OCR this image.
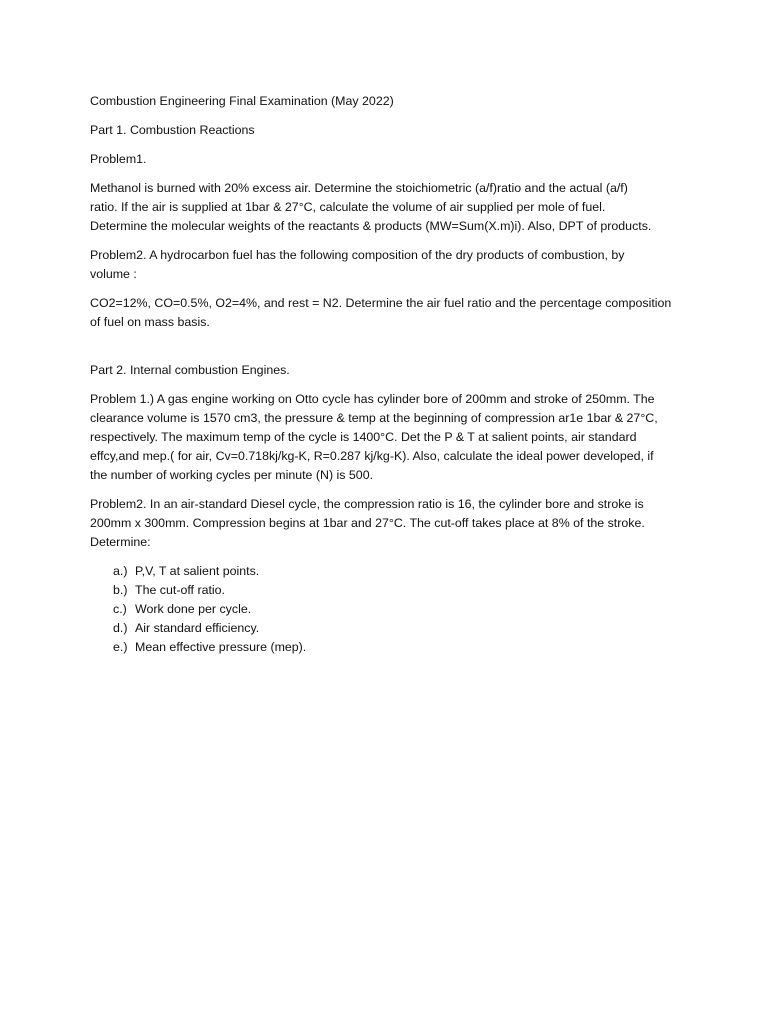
Combustion Engineering Final Examination (May 2022)

Part 1. Combustion Reactions

Problem1.

Methanol is burned with 20% excess air. Determine the stoichiometric (a/f)ratio and the actual (a/f)
ratio. If the air is supplied at 1bar & 27°C, calculate the volume of air supplied per mole of fuel.
Determine the molecular weights of the reactants & products (MW=Sum(X.m)i). Also, DPT of products.

Problem2. A hydrocarbon fuel has the following composition of the dry products of combustion, by
volume :

CO2=12%, CO=0.5%, O2=4%, and rest = N2. Determine the air fuel ratio and the percentage composition
of fuel on mass basis.

Part 2. Internal combustion Engines.

Problem 1.) A gas engine working on Otto cycle has cylinder bore of 200mm and stroke of 250mm. The
clearance volume is 1570 cm3, the pressure & temp at the beginning of compression ar1e 1bar & 27°C,
respectively. The maximum temp of the cycle is 1400°C. Det the P & T at salient points, air standard
effcy,and mep.( for air, Cv=0.718kj/kg-K, R=0.287 kj/kg-K). Also, calculate the ideal power developed, if
the number of working cycles per minute (N) is 500.

Problem2. In an air-standard Diesel cycle, the compression ratio is 16, the cylinder bore and stroke is
200mm x 300mm. Compression begins at 1bar and 27°C. The cut-off takes place at 8% of the stroke.
Determine:

a.) P,V, T at salient points.
b.) The cut-off ratio.
c.) Work done per cycle.
d.) Air standard efficiency.
e.) Mean effective pressure (mep).
